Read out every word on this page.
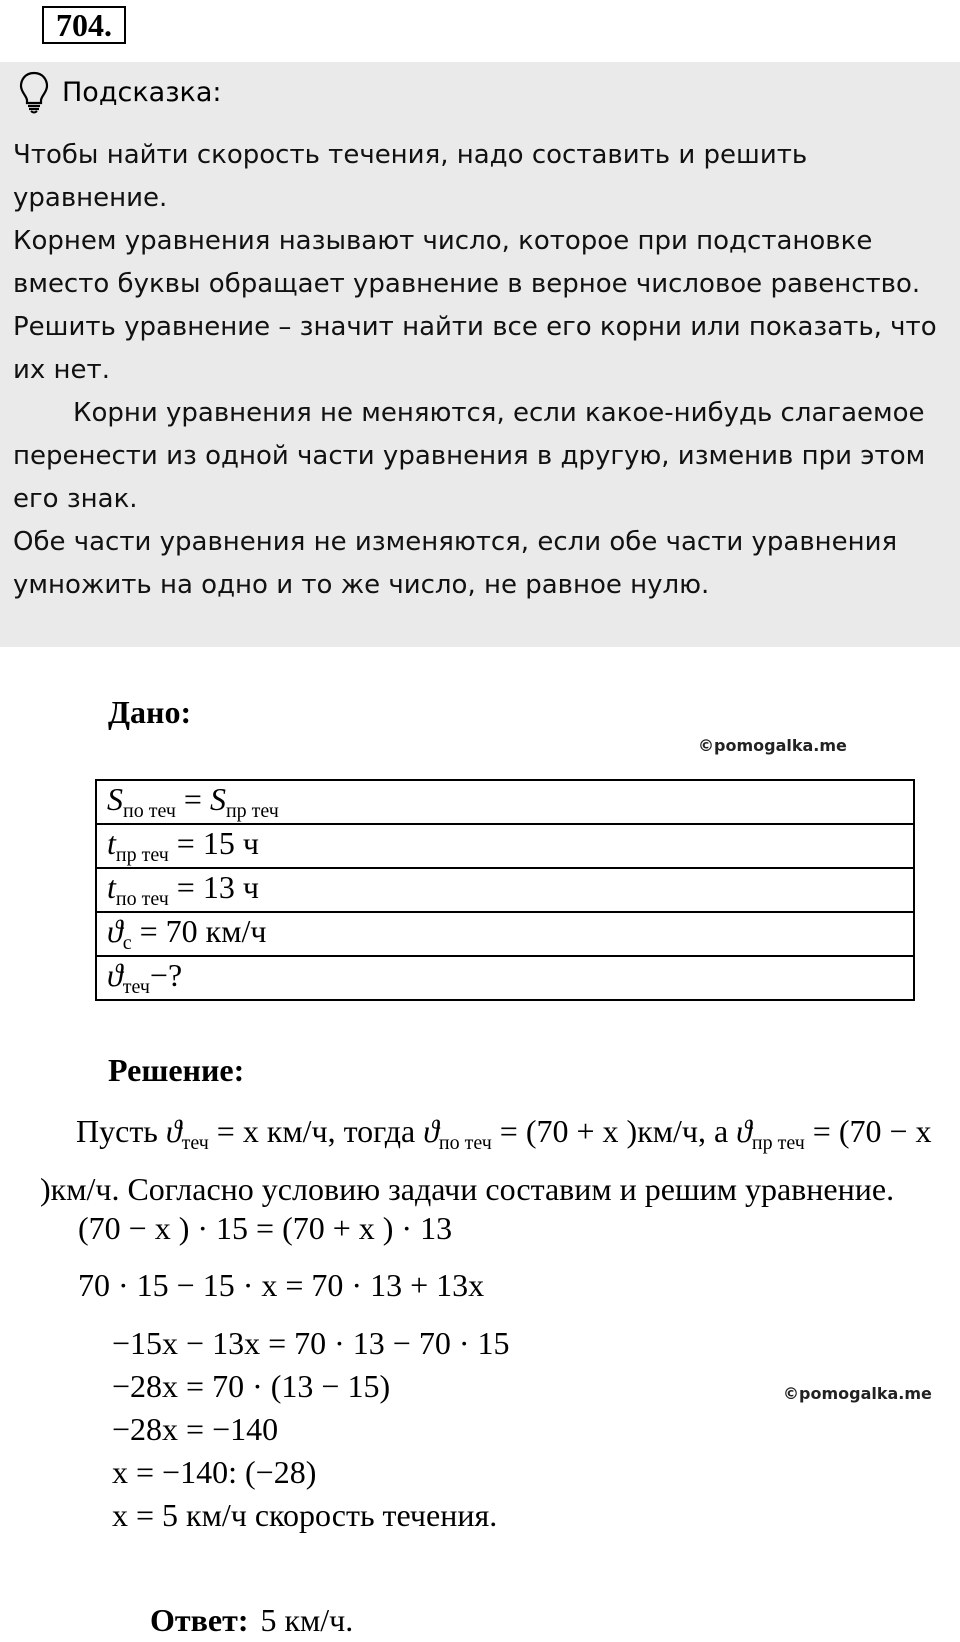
704.
Подсказка:

Чтобы найти скорость течения, надо составить и решить уравнение.

Корнем уравнения называют число, которое при подстановке вместо буквы обращает уравнение в верное числовое равенство.

Решить уравнение – значит найти все его корни или показать, что их нет.

Корни уравнения не меняются, если какое-нибудь слагаемое перенести из одной части уравнения в другую, изменив при этом его знак.

Обе части уравнения не изменяются, если обе части уравнения умножить на одно и то же число, не равное нулю.

Дано:
©pomogalka.me
$S_{по теч} = S_{пр теч}$
$t_{пр теч} = 15$ ч
$t_{по теч} = 13$ ч
$ϑ_с = 70$ км/ч
$ϑ_{теч}-$?
Решение:

Пусть $ϑ_{теч} = x$ км/ч, тогда $ϑ_{по теч} = (70 + x$ )км/ч, а $ϑ_{пр теч} = (70 - x$ )км/ч. Согласно условию задачи составим и решим уравнение.

(70 − x ) · 15 = (70 + x ) · 13
70 · 15 − 15 · x = 70 · 13 + 13x
−15x − 13x = 70 · 13 − 70 · 15
−28x = 70 · (13 − 15)
−28x = −140
x = −140: (−28)
x = 5 км/ч скорость течения.
©pomogalka.me
Ответ: 5 км/ч.
